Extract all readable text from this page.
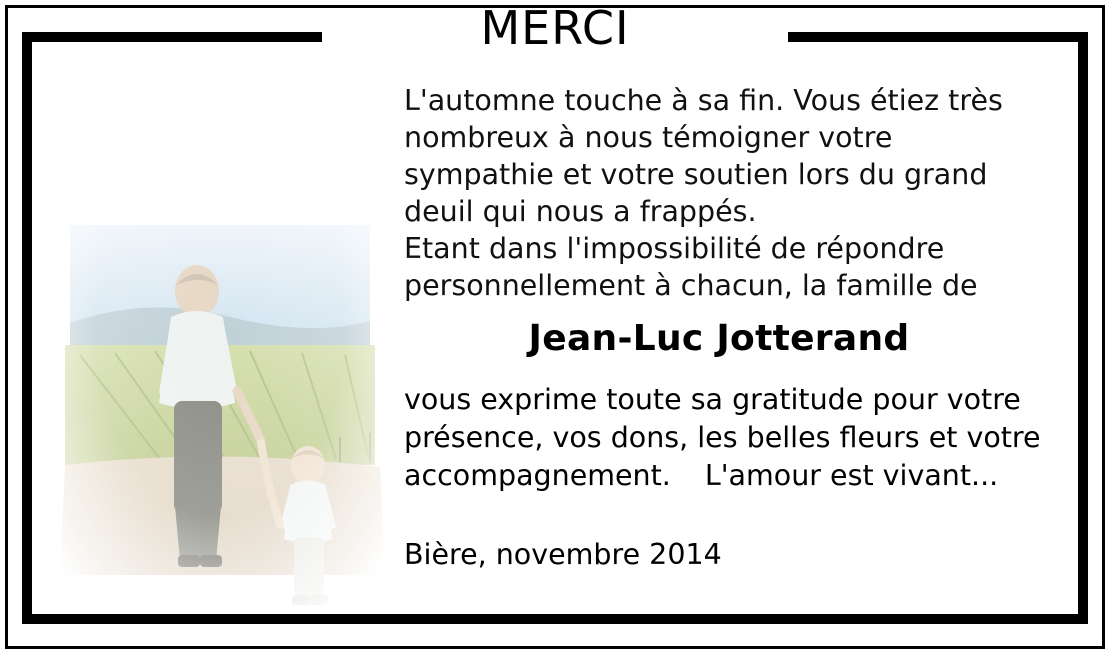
MERCI

L'automne touche à sa fin. Vous étiez très

nombreux à nous témoigner votre

sympathie et votre soutien lors du grand

deuil qui nous a frappés.

Etant dans l'impossibilité de répondre

personnellement à chacun, la famille de

Jean-Luc Jotterand

vous exprime toute sa gratitude pour votre

présence, vos dons, les belles fleurs et votre

accompagnement. L'amour est vivant...

Bière, novembre 2014
